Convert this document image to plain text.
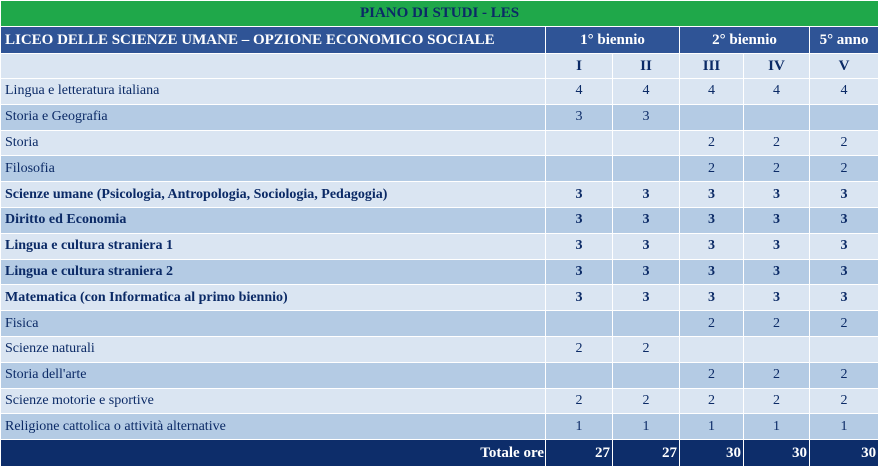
PIANO DI STUDI - LES					
LICEO DELLE SCIENZE UMANE – OPZIONE ECONOMICO SOCIALE	1° biennio		2° biennio		5° anno
	I	II	III	IV	V
Lingua e letteratura italiana	4	4	4	4	4
Storia e Geografia	3	3			
Storia			2	2	2
Filosofia			2	2	2
Scienze umane (Psicologia, Antropologia, Sociologia, Pedagogia)	3	3	3	3	3
Diritto ed Economia	3	3	3	3	3
Lingua e cultura straniera 1	3	3	3	3	3
Lingua e cultura straniera 2	3	3	3	3	3
Matematica (con Informatica al primo biennio)	3	3	3	3	3
Fisica			2	2	2
Scienze naturali	2	2			
Storia dell'arte			2	2	2
Scienze motorie e sportive	2	2	2	2	2
Religione cattolica o attività alternative	1	1	1	1	1
Totale ore	27	27	30	30	30
